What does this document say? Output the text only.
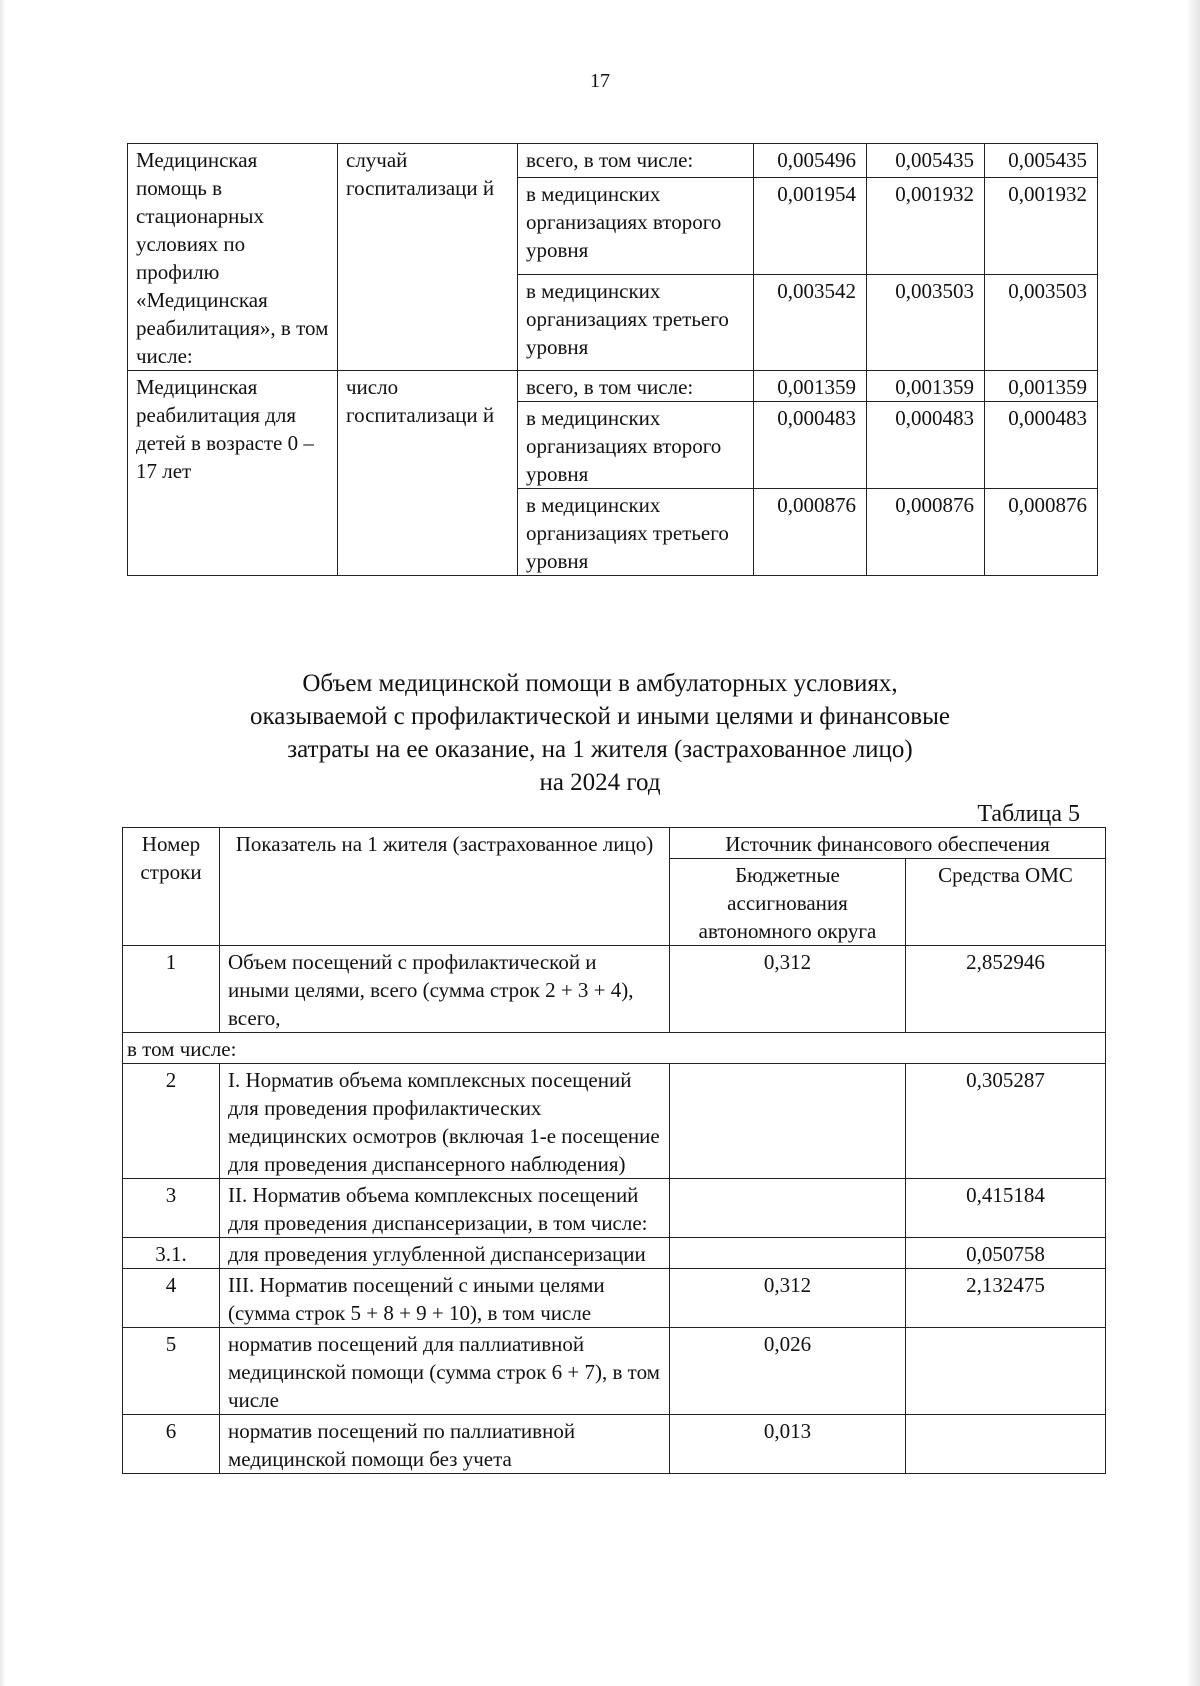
17
Медицинская помощь в стационарных условиях по профилю «Медицинская реабилитация», в том числе:	случай госпитализаци й	всего, в том числе:	0,005496	0,005435	0,005435
		в медицинских организациях второго уровня	0,001954	0,001932	0,001932
		в медицинских организациях третьего уровня	0,003542	0,003503	0,003503
Медицинская реабилитация для детей в возрасте 0 – 17 лет	число госпитализаци й	всего, в том числе:	0,001359	0,001359	0,001359
		в медицинских организациях второго уровня	0,000483	0,000483	0,000483
		в медицинских организациях третьего уровня	0,000876	0,000876	0,000876
Объем медицинской помощи в амбулаторных условиях,
оказываемой с профилактической и иными целями и финансовые
затраты на ее оказание, на 1 жителя (застрахованное лицо)
на 2024 год
Таблица 5
Номер строки	Показатель на 1 жителя (застрахованное лицо)	Источник финансового обеспечения	
		Бюджетные ассигнования автономного округа	Средства ОМС
1	Объем посещений с профилактической и иными целями, всего (сумма строк 2 + 3 + 4), всего,	0,312	2,852946
в том числе:			
2	I. Норматив объема комплексных посещений для проведения профилактических медицинских осмотров (включая 1-е посещение для проведения диспансерного наблюдения)		0,305287
3	II. Норматив объема комплексных посещений для проведения диспансеризации, в том числе:		0,415184
3.1.	для проведения углубленной диспансеризации		0,050758
4	III. Норматив посещений с иными целями (сумма строк 5 + 8 + 9 + 10), в том числе	0,312	2,132475
5	норматив посещений для паллиативной медицинской помощи (сумма строк 6 + 7), в том числе	0,026	
6	норматив посещений по паллиативной медицинской помощи без учета	0,013	
